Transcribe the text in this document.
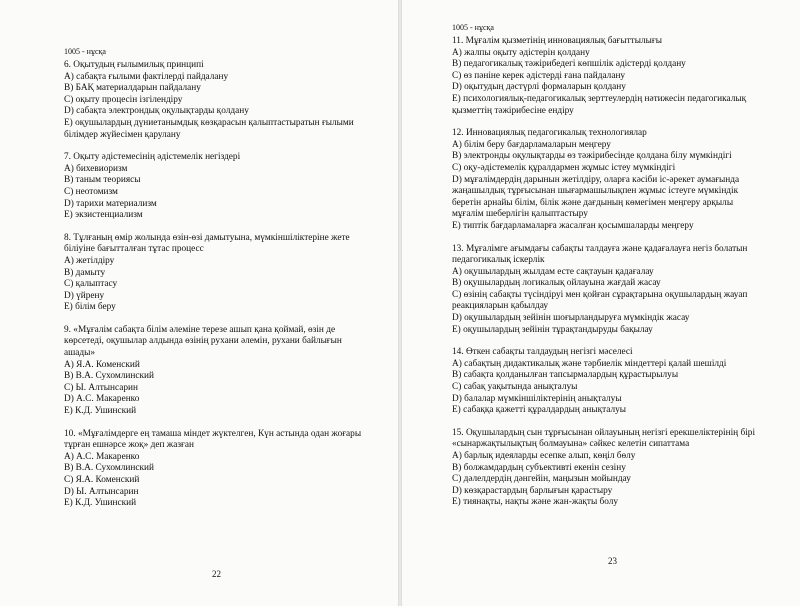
1005 - нұсқа
6. Оқытудың ғылымилық принципі
A) сабақта ғылыми фактілерді пайдалану
B) БАҚ материалдарын пайдалану
C) оқыту процесін ізгілендіру
D) сабақта электрондық оқулықтарды қолдану
E) оқушылардың дүниетанымдық көзқарасын қалыптастыратын ғылыми
білімдер жүйесімен қарулану
7. Оқыту әдістемесінің әдістемелік негіздері
A) бихевиоризм
B) таным теориясы
C) неотомизм
D) тарихи материализм
E) экзистенциализм
8. Тұлғаның өмір жолында өзін-өзі дамытуына, мүмкіншіліктеріне жете
біліуіне бағытталған тұтас процесс
A) жетілдіру
B) дамыту
C) қалыптасу
D) үйрену
E) білім беру
9. «Мұғалім сабақта білім әлеміне терезе ашып қана қоймай, өзін де
көрсетеді, оқушылар алдында өзінің рухани әлемін, рухани байлығын
ашады»
A) Я.А. Коменский
B) В.А. Сухомлинский
C) Ы. Алтынсарин
D) А.С. Макаренко
E) К.Д. Ушинский
10. «Мұғалімдерге ең тамаша міндет жүктелген, Күн астында одан жоғары
тұрған ешнәрсе жоқ» деп жазған
A) А.С. Макаренко
B) В.А. Сухомлинский
C) Я.А. Коменский
D) Ы. Алтынсарин
E) К.Д. Ушинский
22
1005 - нұсқа
11. Мұғалім қызметінің инновациялық бағыттылығы
A) жалпы оқыту әдістерін қолдану
B) педагогикалық тәжірибедегі көпшілік әдістерді қолдану
C) өз пәніне керек әдістерді ғана пайдалану
D) оқытудың дәстүрлі формаларын қолдану
E) психологиялық-педагогикалық зерттеулердің нәтижесін педагогикалық
қызметтің тәжірибесіне ендіру
12. Инновациялық педагогикалық технологиялар
A) білім беру бағдарламаларын меңгеру
B) электронды оқулықтарды өз тәжірибесінде қолдана білу мүмкіндігі
C) оқу-әдістемелік құралдармен жұмыс істеу мүмкіндігі
D) мұғалімдердің дарынын жетілдіру, оларға кәсіби іс-әрекет аумағында
жаңашылдық тұрғысынан шығармашылықпен жұмыс істеуге мүмкіндік
беретін арнайы білім, білік және дағдының көмегімен меңгеру арқылы
мұғалім шеберлігін қалыптастыру
E) типтік бағдарламаларға жасалған қосымшаларды меңгеру
13. Мұғалімге ағымдағы сабақты талдауға және қадағалауға негіз болатын
педагогикалық іскерлік
A) оқушылардың жылдам есте сақтауын қадағалау
B) оқушылардың логикалық ойлауына жағдай жасау
C) өзінің сабақты түсіндіруі мен қойған сұрақтарына оқушылардың жауап
реакцияларын қабылдау
D) оқушылардың зейінін шоғырландыруға мүмкіндік жасау
E) оқушылардың зейінін тұрақтандыруды бақылау
14. Өткен сабақты талдаудың негізгі мәселесі
A) сабақтың дидактикалық және тәрбиелік міндеттері қалай шешілді
B) сабақта қолданылған тапсырмалардың құрастырылуы
C) сабақ уақытында анықталуы
D) балалар мүмкіншіліктерінің анықталуы
E) сабаққа қажетті құралдардың анықталуы
15. Оқушылардың сын тұрғысынан ойлауының негізгі ерекшеліктерінің бірі
«сынаржақтылықтың болмауына» сәйкес келетін сипаттама
A) барлық идеяларды есепке алып, көңіл бөлу
B) болжамдардың субъективті екенін сезіну
C) дәлелдердің дәнгейін, маңызын мойындау
D) көзқарастардың барлығын қарастыру
E) тиянақты, нақты және жан-жақты болу
23
